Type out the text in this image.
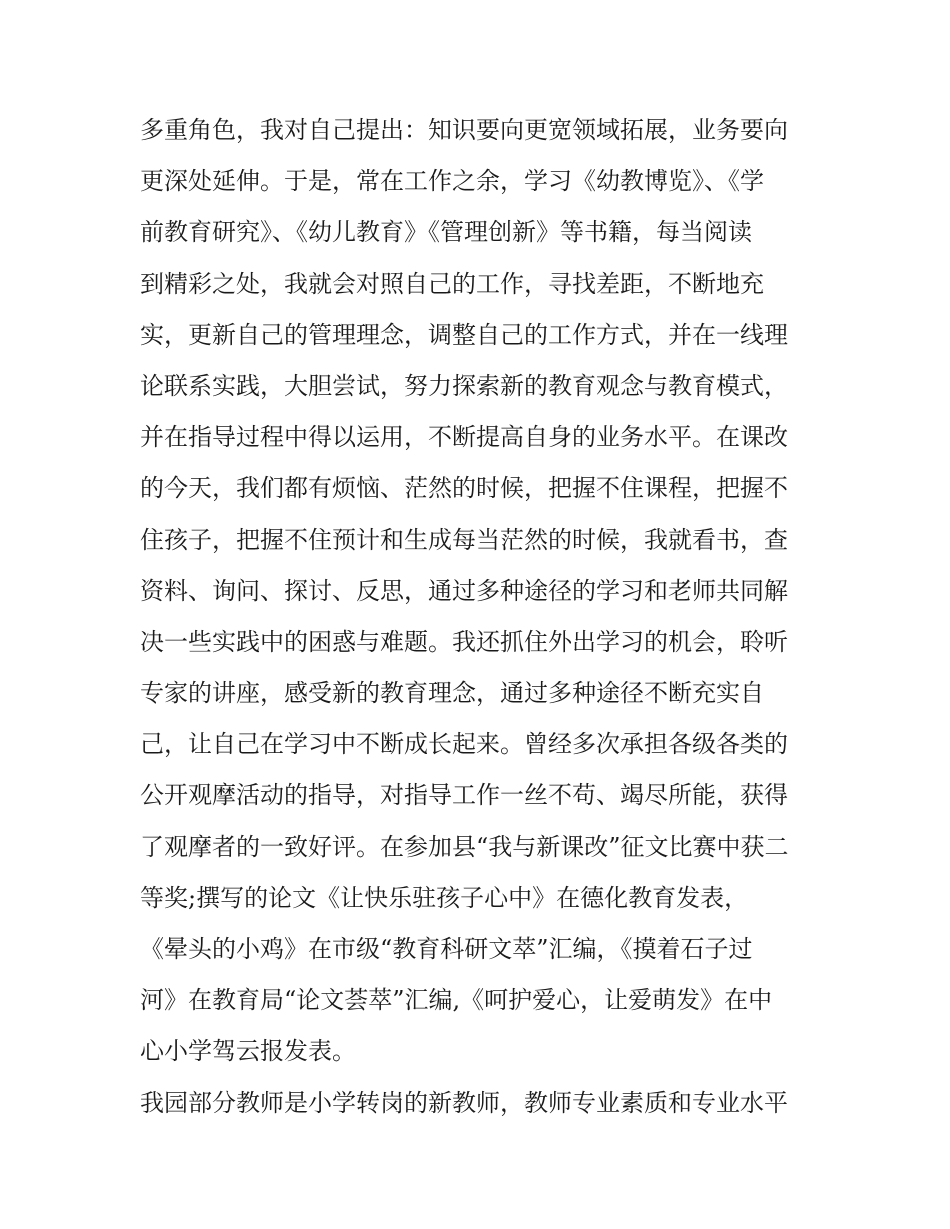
多重角色，我对自己提出：知识要向更宽领域拓展，业务要向
更深处延伸。于是，常在工作之余，学习《幼教博览》、《学
前教育研究》、《幼儿教育》《管理创新》等书籍，每当阅读
到精彩之处，我就会对照自己的工作，寻找差距，不断地充
实，更新自己的管理理念，调整自己的工作方式，并在一线理
论联系实践，大胆尝试，努力探索新的教育观念与教育模式，
并在指导过程中得以运用，不断提高自身的业务水平。在课改
的今天，我们都有烦恼、茫然的时候，把握不住课程，把握不
住孩子，把握不住预计和生成每当茫然的时候，我就看书，查
资料、询问、探讨、反思，通过多种途径的学习和老师共同解
决一些实践中的困惑与难题。我还抓住外出学习的机会，聆听
专家的讲座，感受新的教育理念，通过多种途径不断充实自
己，让自己在学习中不断成长起来。曾经多次承担各级各类的
公开观摩活动的指导，对指导工作一丝不苟、竭尽所能，获得
了观摩者的一致好评。在参加县“我与新课改”征文比赛中获二
等奖;撰写的论文《让快乐驻孩子心中》在德化教育发表，
《晕头的小鸡》在市级“教育科研文萃”汇编，《摸着石子过
河》在教育局“论文荟萃”汇编,《呵护爱心，让爱萌发》在中
心小学驾云报发表。
我园部分教师是小学转岗的新教师，教师专业素质和专业水平
